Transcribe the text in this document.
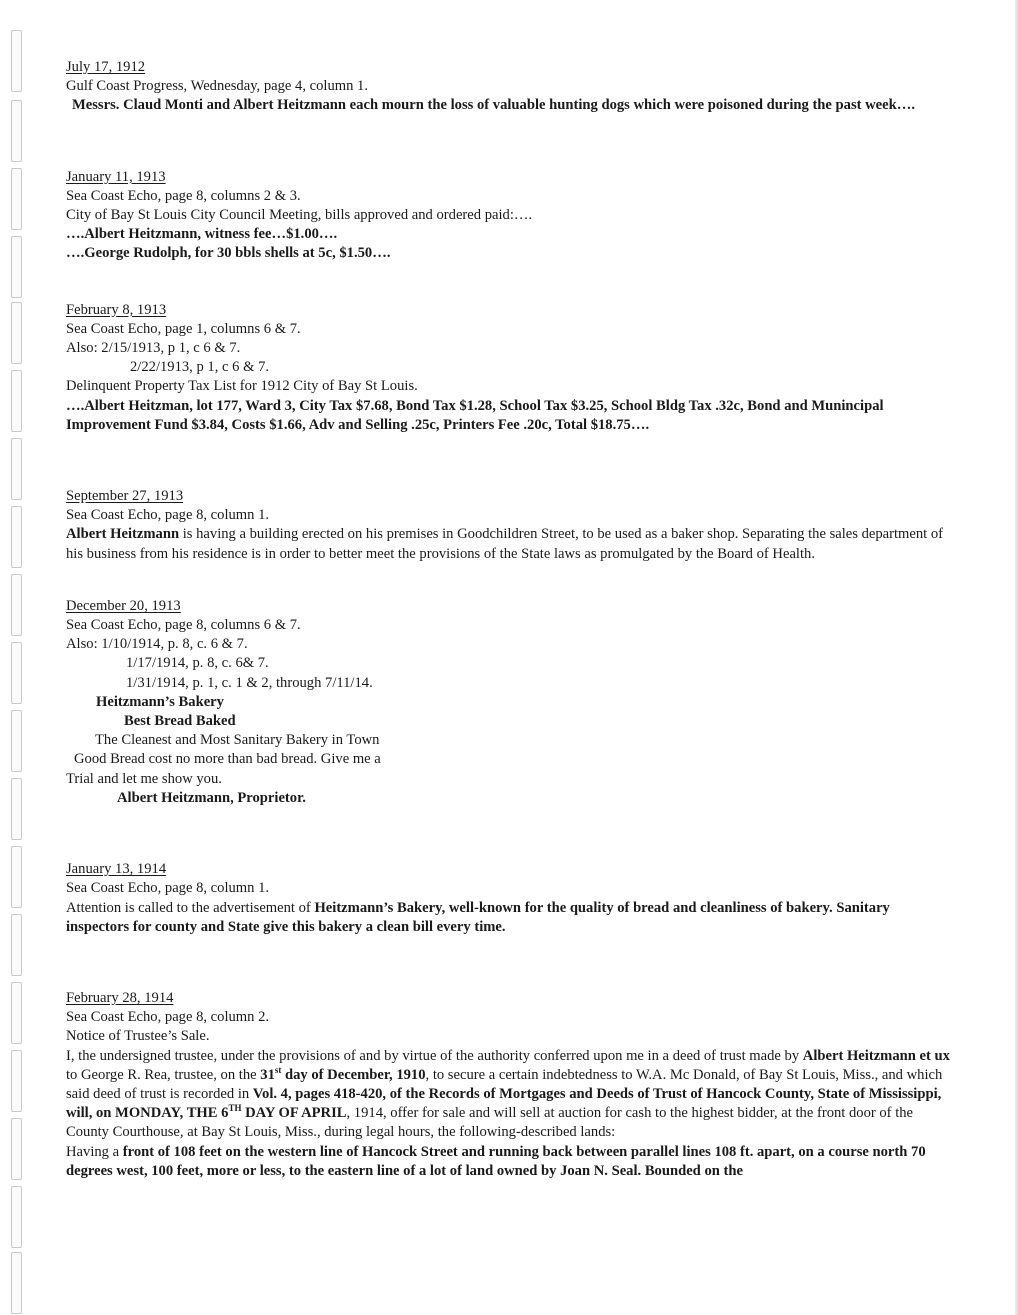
July 17, 1912
Gulf Coast Progress, Wednesday, page 4, column 1.
Messrs. Claud Monti and Albert Heitzmann each mourn the loss of valuable hunting dogs which were poisoned during the past week….
January 11, 1913
Sea Coast Echo, page 8, columns 2 & 3.
City of Bay St Louis City Council Meeting, bills approved and ordered paid:….
….Albert Heitzmann, witness fee…$1.00….
….George Rudolph, for 30 bbls shells at 5c, $1.50….
February 8, 1913
Sea Coast Echo, page 1, columns 6 & 7.
Also: 2/15/1913, p 1, c 6 & 7.
2/22/1913, p 1, c 6 & 7.
Delinquent Property Tax List for 1912 City of Bay St Louis.
….Albert Heitzman, lot 177, Ward 3, City Tax $7.68, Bond Tax $1.28, School Tax $3.25, School Bldg Tax .32c, Bond and Munincipal Improvement Fund $3.84, Costs $1.66, Adv and Selling .25c, Printers Fee .20c, Total $18.75….
September 27, 1913
Sea Coast Echo, page 8, column 1.
Albert Heitzmann is having a building erected on his premises in Goodchildren Street, to be used as a baker shop. Separating the sales department of his business from his residence is in order to better meet the provisions of the State laws as promulgated by the Board of Health.
December 20, 1913
Sea Coast Echo, page 8, columns 6 & 7.
Also: 1/10/1914, p. 8, c. 6 & 7.
1/17/1914, p. 8, c. 6& 7.
1/31/1914, p. 1, c. 1 & 2, through 7/11/14.
Heitzmann’s Bakery
Best Bread Baked
The Cleanest and Most Sanitary Bakery in Town
Good Bread cost no more than bad bread. Give me a
Trial and let me show you.
Albert Heitzmann, Proprietor.
January 13, 1914
Sea Coast Echo, page 8, column 1.
Attention is called to the advertisement of Heitzmann’s Bakery, well-known for the quality of bread and cleanliness of bakery. Sanitary inspectors for county and State give this bakery a clean bill every time.
February 28, 1914
Sea Coast Echo, page 8, column 2.
Notice of Trustee’s Sale.
I, the undersigned trustee, under the provisions of and by virtue of the authority conferred upon me in a deed of trust made by Albert Heitzmann et ux to George R. Rea, trustee, on the 31st day of December, 1910, to secure a certain indebtedness to W.A. Mc Donald, of Bay St Louis, Miss., and which said deed of trust is recorded in Vol. 4, pages 418-420, of the Records of Mortgages and Deeds of Trust of Hancock County, State of Mississippi, will, on MONDAY, THE 6TH DAY OF APRIL, 1914, offer for sale and will sell at auction for cash to the highest bidder, at the front door of the County Courthouse, at Bay St Louis, Miss., during legal hours, the following-described lands:
Having a front of 108 feet on the western line of Hancock Street and running back between parallel lines 108 ft. apart, on a course north 70 degrees west, 100 feet, more or less, to the eastern line of a lot of land owned by Joan N. Seal. Bounded on the
